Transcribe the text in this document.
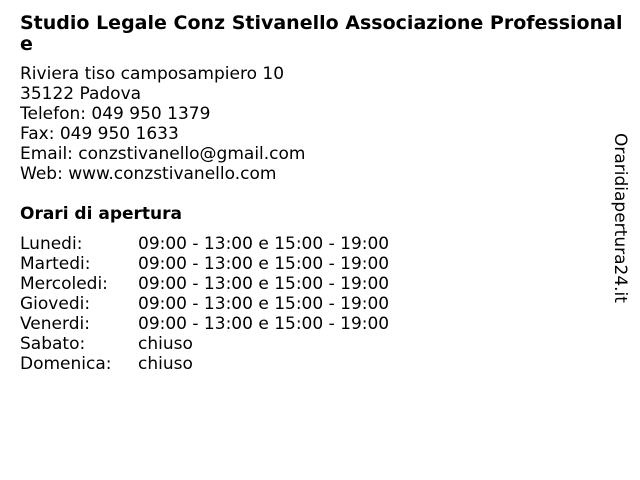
Studio Legale Conz Stivanello Associazione Professionale
Riviera tiso camposampiero 10
35122 Padova
Telefon: 049 950 1379
Fax: 049 950 1633
Email: conzstivanello@gmail.com
Web: www.conzstivanello.com
Orari di apertura
Lunedi:	09:00 - 13:00 e 15:00 - 19:00
Martedi:	09:00 - 13:00 e 15:00 - 19:00
Mercoledi: 09:00 - 13:00 e 15:00 - 19:00
Giovedi:	09:00 - 13:00 e 15:00 - 19:00
Venerdi:	09:00 - 13:00 e 15:00 - 19:00
Sabato:	chiuso
Domenica: chiuso
Oraridiapertura24.it
